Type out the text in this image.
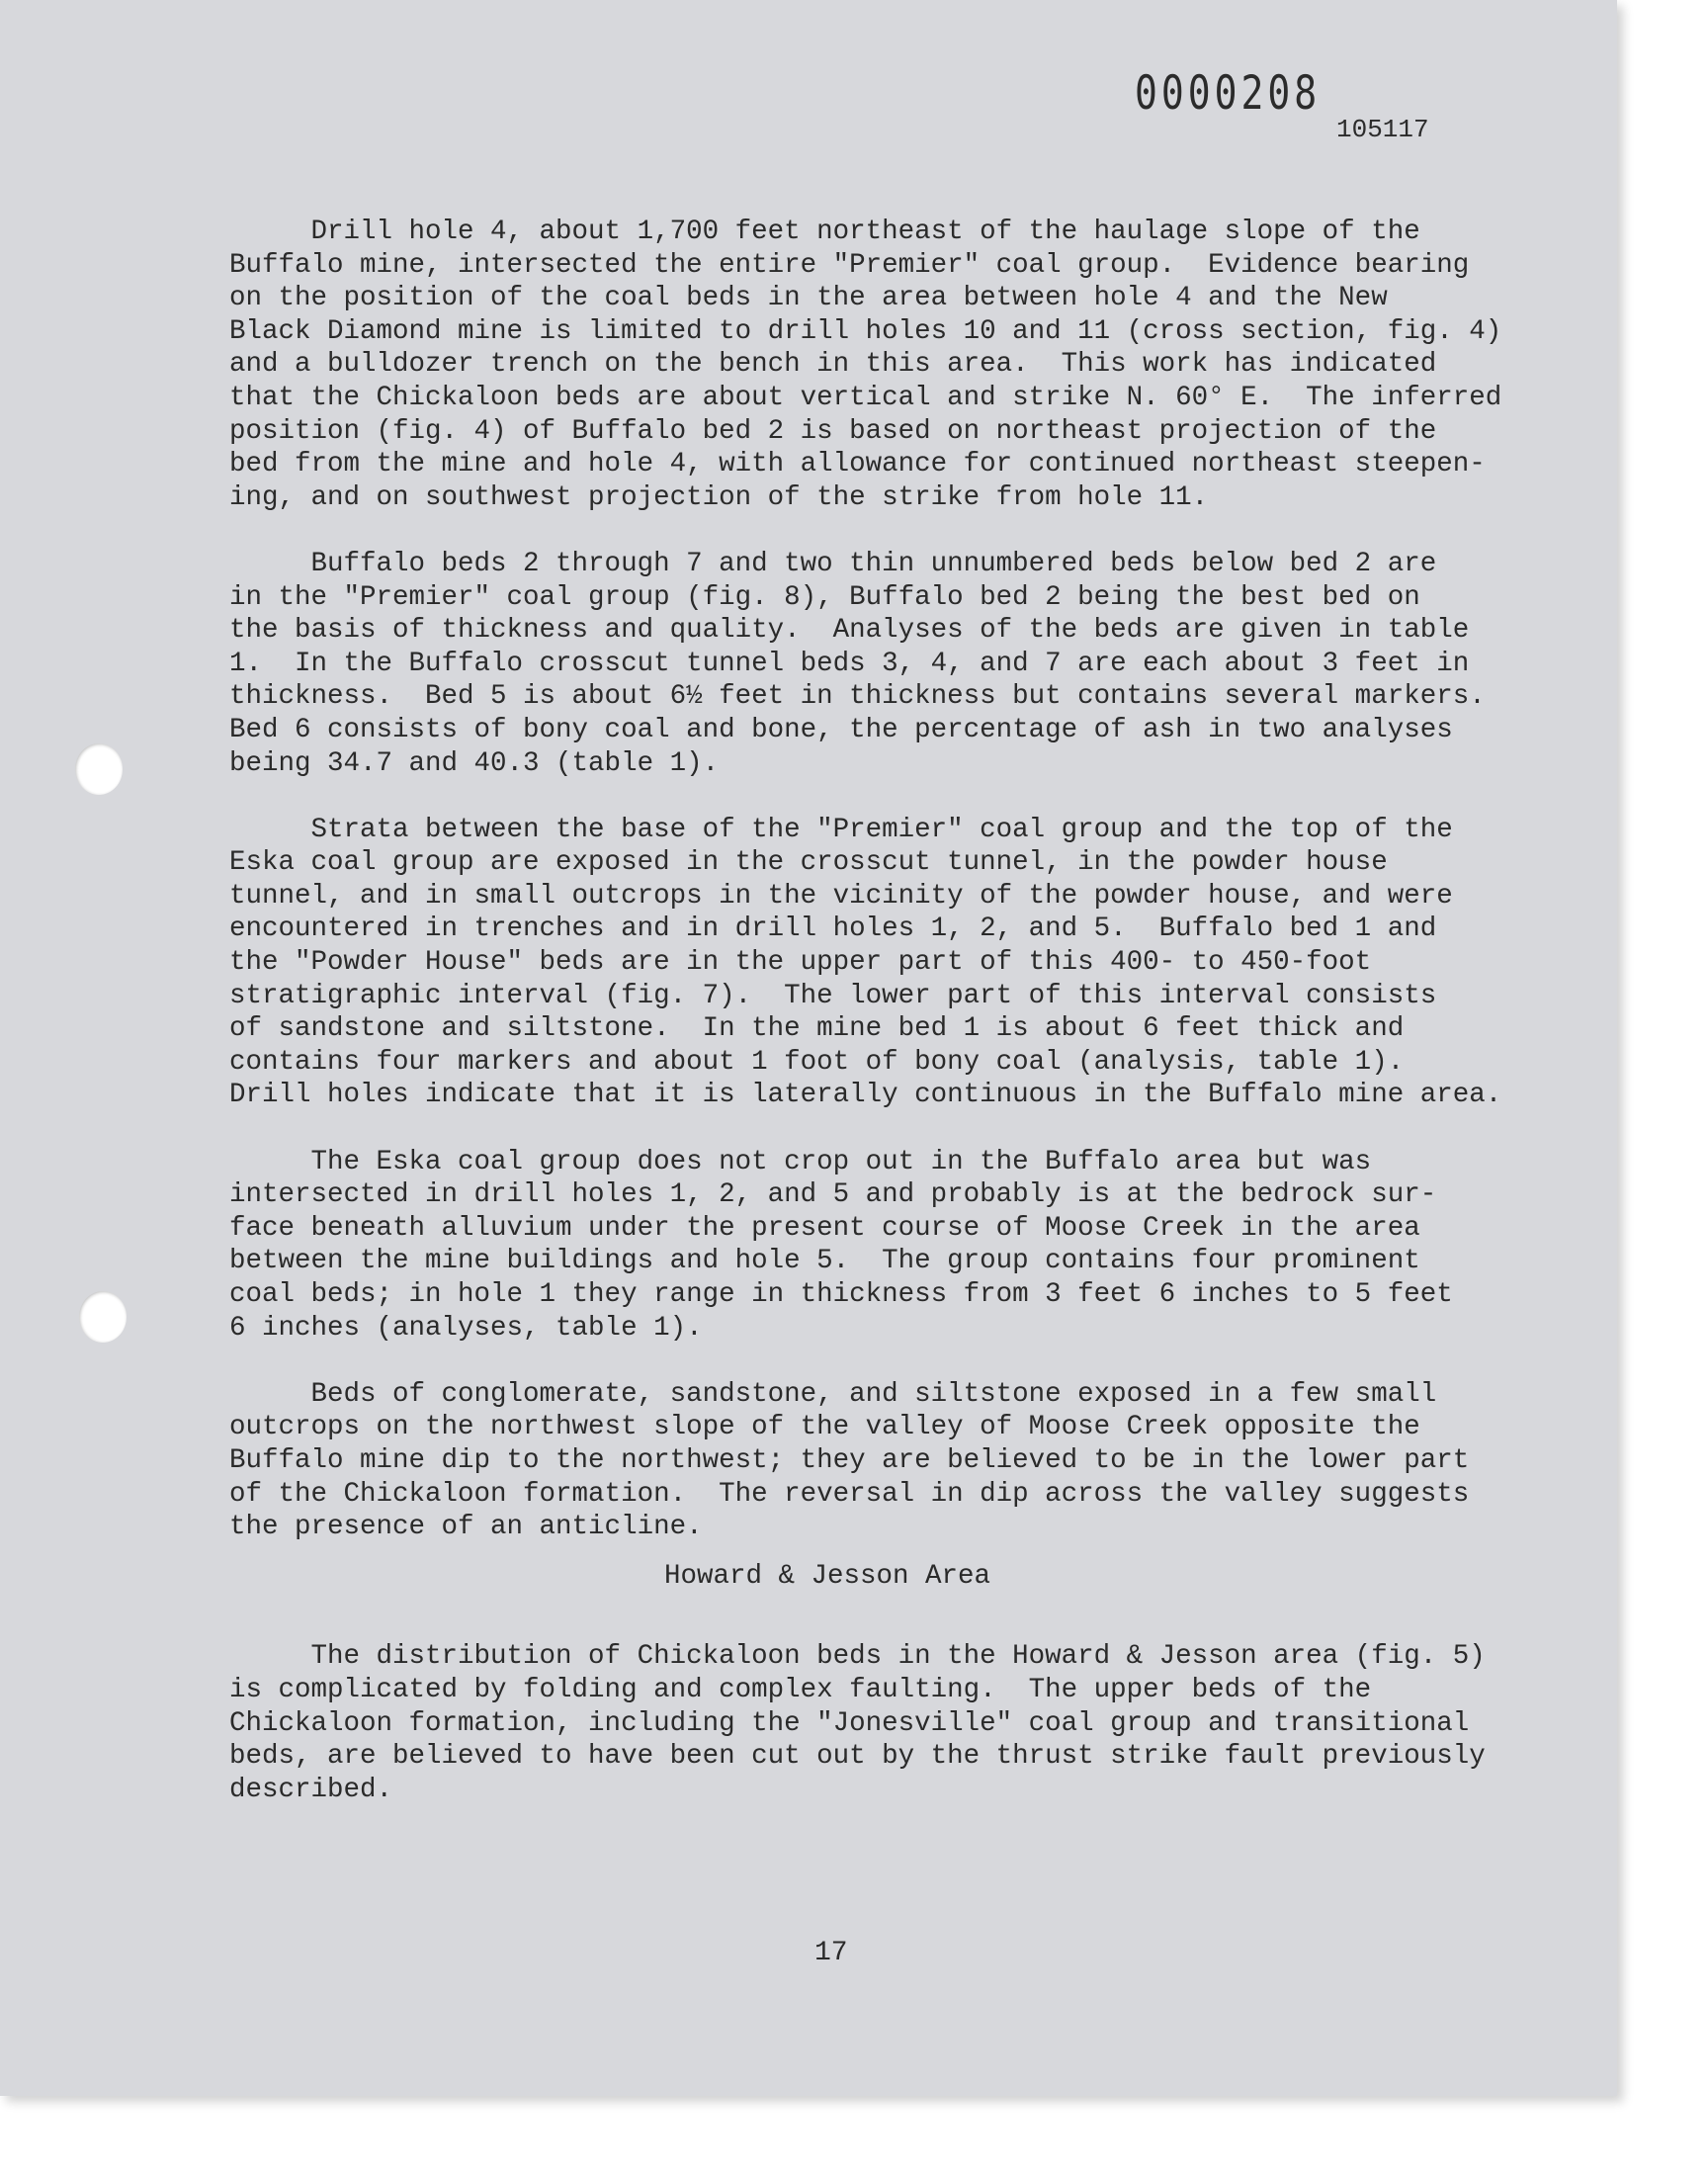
0000208
105117
Drill hole 4, about 1,700 feet northeast of the haulage slope of the
Buffalo mine, intersected the entire "Premier" coal group.  Evidence bearing
on the position of the coal beds in the area between hole 4 and the New
Black Diamond mine is limited to drill holes 10 and 11 (cross section, fig. 4)
and a bulldozer trench on the bench in this area.  This work has indicated
that the Chickaloon beds are about vertical and strike N. 60° E.  The inferred
position (fig. 4) of Buffalo bed 2 is based on northeast projection of the
bed from the mine and hole 4, with allowance for continued northeast steepen-
ing, and on southwest projection of the strike from hole 11.
Buffalo beds 2 through 7 and two thin unnumbered beds below bed 2 are
in the "Premier" coal group (fig. 8), Buffalo bed 2 being the best bed on
the basis of thickness and quality.  Analyses of the beds are given in table
1.  In the Buffalo crosscut tunnel beds 3, 4, and 7 are each about 3 feet in
thickness.  Bed 5 is about 6½ feet in thickness but contains several markers.
Bed 6 consists of bony coal and bone, the percentage of ash in two analyses
being 34.7 and 40.3 (table 1).
Strata between the base of the "Premier" coal group and the top of the
Eska coal group are exposed in the crosscut tunnel, in the powder house
tunnel, and in small outcrops in the vicinity of the powder house, and were
encountered in trenches and in drill holes 1, 2, and 5.  Buffalo bed 1 and
the "Powder House" beds are in the upper part of this 400- to 450-foot
stratigraphic interval (fig. 7).  The lower part of this interval consists
of sandstone and siltstone.  In the mine bed 1 is about 6 feet thick and
contains four markers and about 1 foot of bony coal (analysis, table 1).
Drill holes indicate that it is laterally continuous in the Buffalo mine area.
The Eska coal group does not crop out in the Buffalo area but was
intersected in drill holes 1, 2, and 5 and probably is at the bedrock sur-
face beneath alluvium under the present course of Moose Creek in the area
between the mine buildings and hole 5.  The group contains four prominent
coal beds; in hole 1 they range in thickness from 3 feet 6 inches to 5 feet
6 inches (analyses, table 1).
Beds of conglomerate, sandstone, and siltstone exposed in a few small
outcrops on the northwest slope of the valley of Moose Creek opposite the
Buffalo mine dip to the northwest; they are believed to be in the lower part
of the Chickaloon formation.  The reversal in dip across the valley suggests
the presence of an anticline.
Howard & Jesson Area
The distribution of Chickaloon beds in the Howard & Jesson area (fig. 5)
is complicated by folding and complex faulting.  The upper beds of the
Chickaloon formation, including the "Jonesville" coal group and transitional
beds, are believed to have been cut out by the thrust strike fault previously
described.
17
